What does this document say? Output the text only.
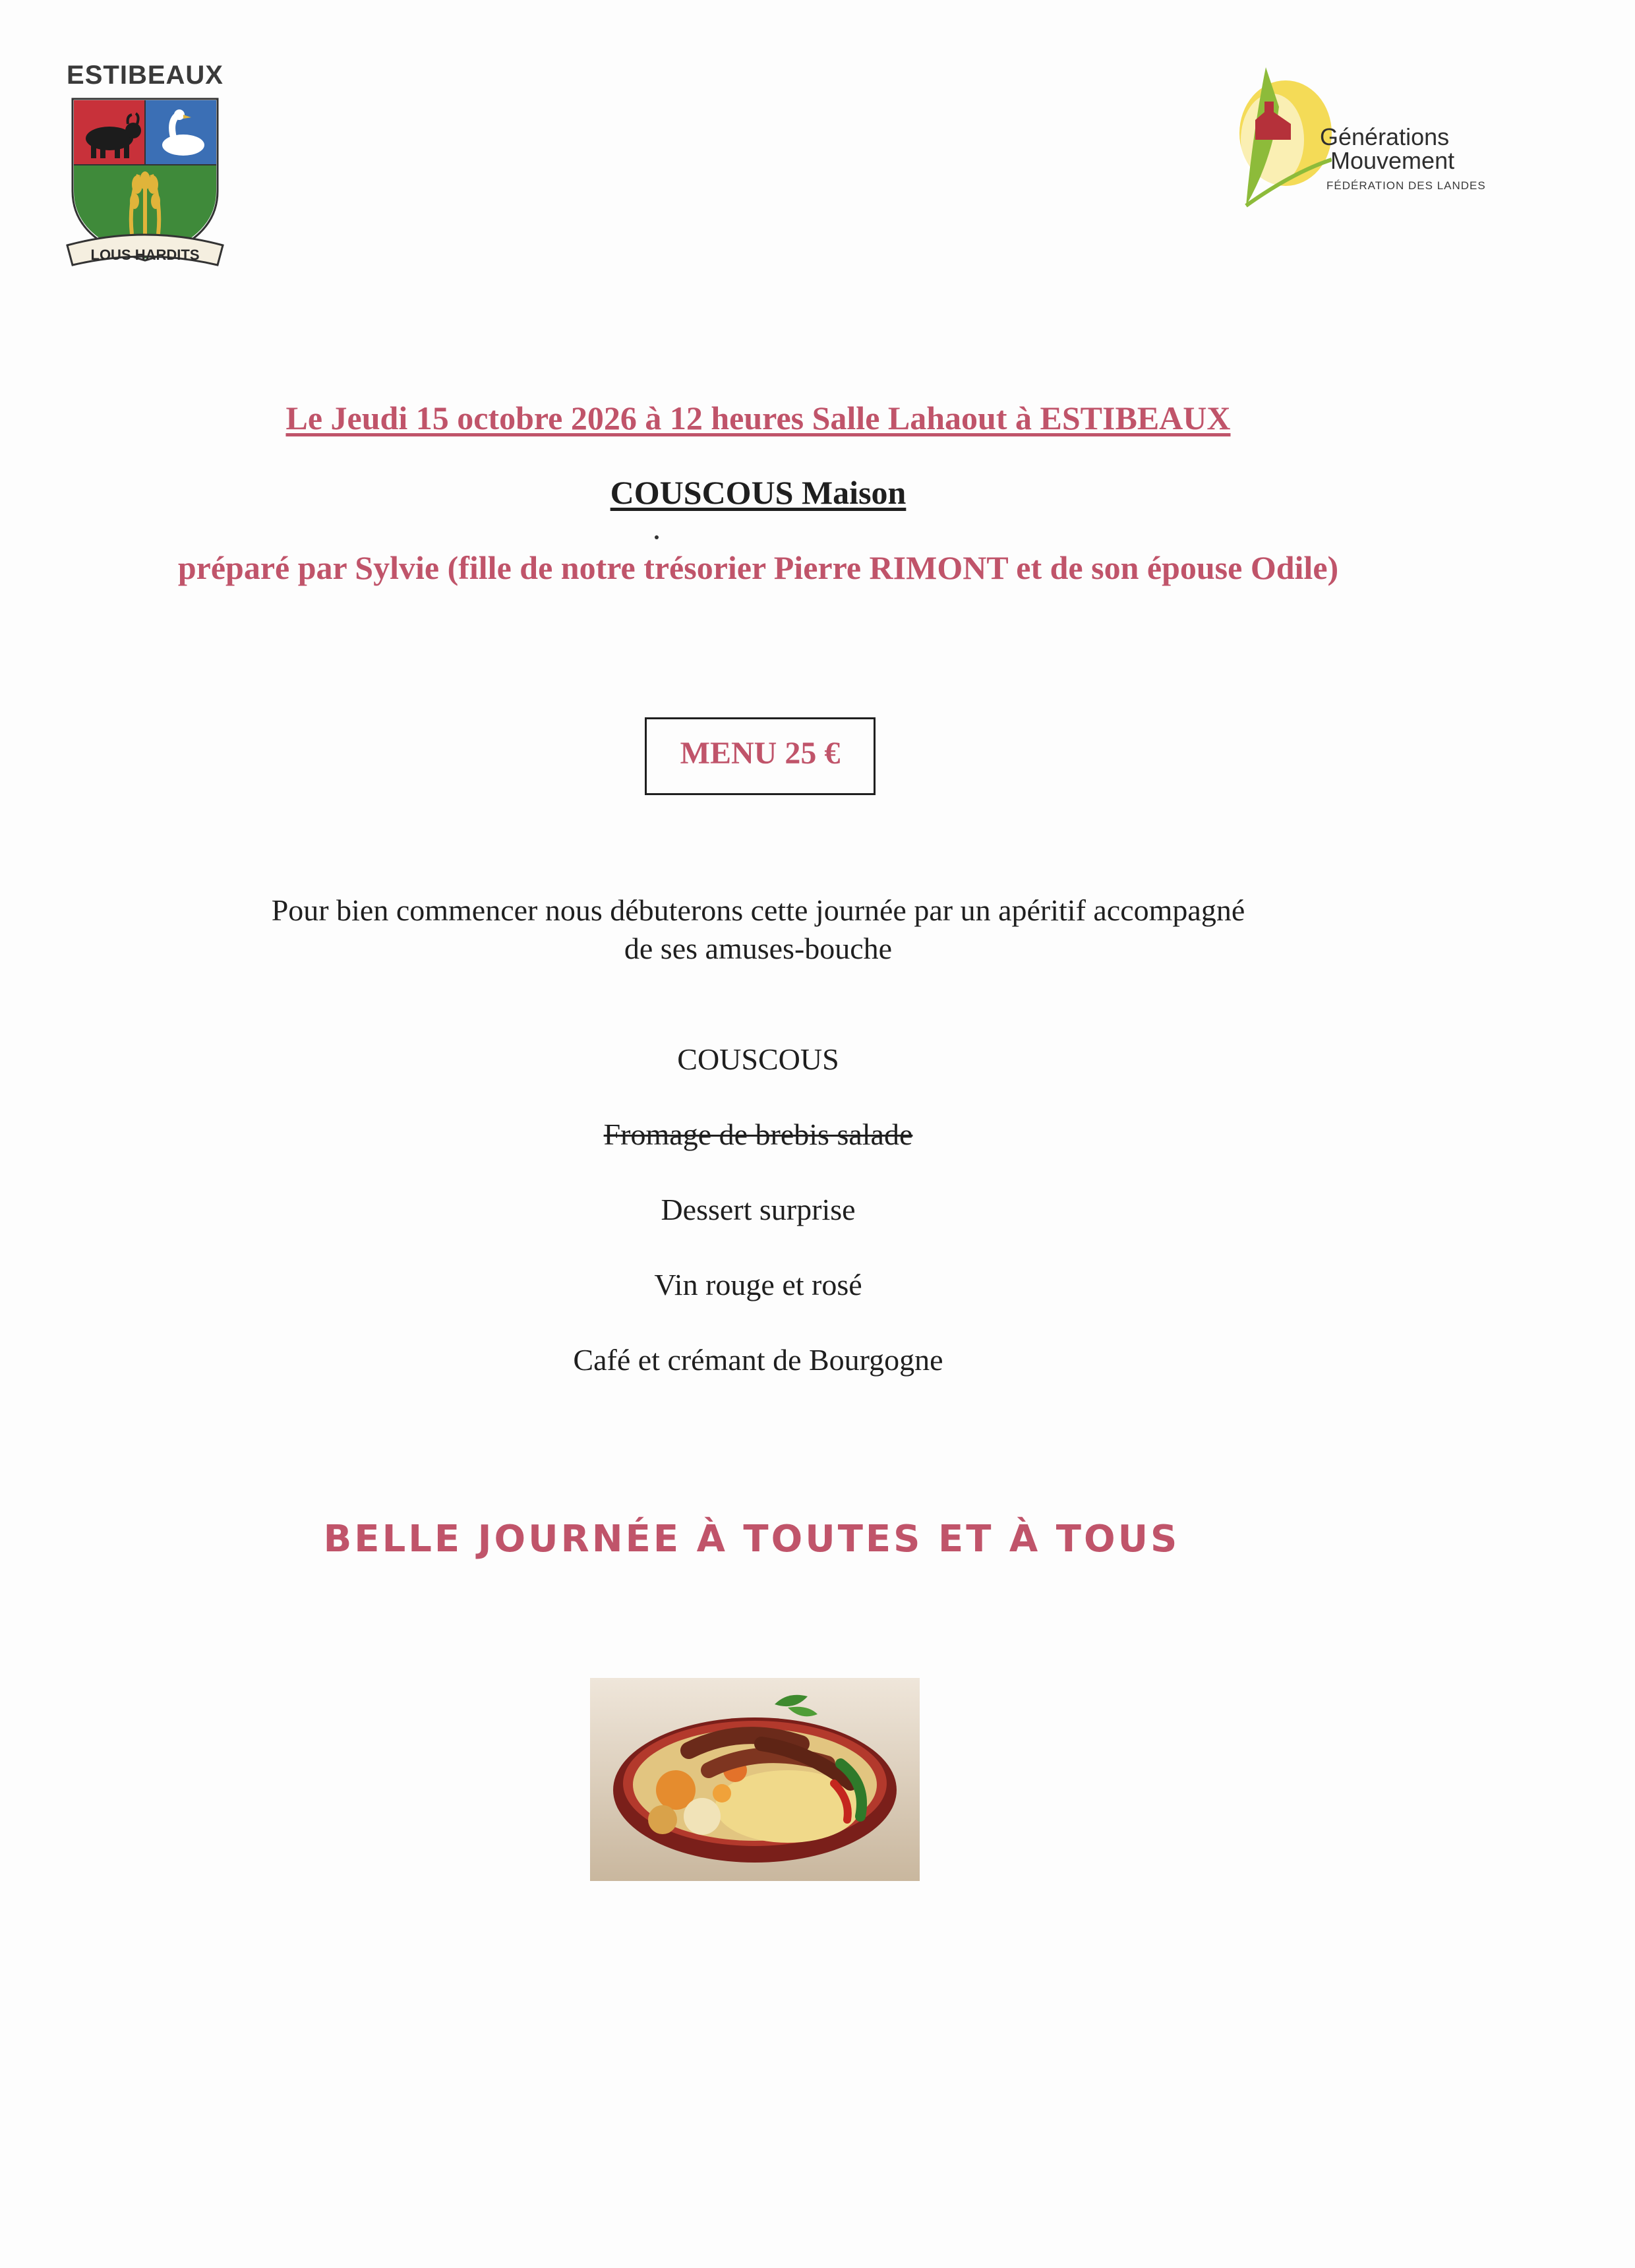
ESTIBEAUX
LOUS HARDITS
Générations
Mouvement
FÉDÉRATION DES LANDES
Le Jeudi 15 octobre 2026 à 12 heures Salle Lahaout à ESTIBEAUX
COUSCOUS Maison
préparé par Sylvie (fille de notre trésorier Pierre RIMONT et de son épouse Odile)
MENU 25 €
Pour bien commencer nous débuterons cette journée par un apéritif accompagné
de ses amuses-bouche
COUSCOUS
Fromage de brebis salade
Dessert surprise
Vin rouge et rosé
Café et crémant de Bourgogne
BELLE JOURNÉE À TOUTES ET À TOUS
